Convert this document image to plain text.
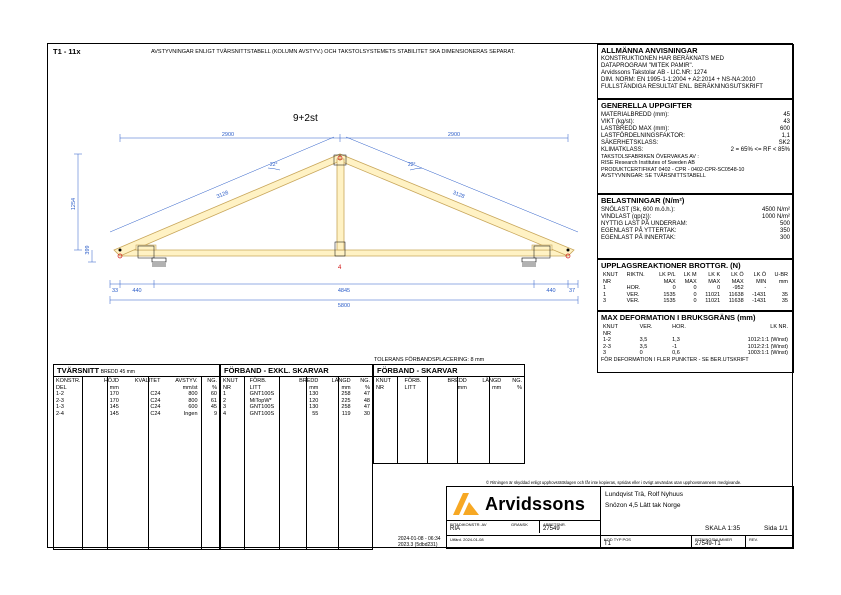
T1 - 11x	AVSTYVNINGAR ENLIGT TVÄRSNITTSTABELL (KOLUMN AVSTYV.) OCH TAKSTOLSYSTEMETS STABILITET SKA DIMENSIONERAS SEPARAT.
2900	2900
3128	3128
1254
399
33	440	4845	440 37
5800
22°	22°
9+2st
4
ALLMÄNNA ANVISNINGAR
KONSTRUKTIONEN HAR BERÄKNATS MED
DATAPROGRAM "MITEK PAMIR".
Arvidssons Takstolar AB - LIC.NR: 1274
DIM. NORM: EN 1995-1-1:2004 + A2:2014 + NS-NA:2010
FULLSTÄNDIGA RESULTAT ENL. BERÄKNINGSUTSKRIFT
GENERELLA UPPGIFTER
MATERIALBREDD (mm):	45
VIKT (kg/st):	43
LASTBREDD MAX (mm):	600
LASTFÖRDELNINGSFAKTOR:	1,1
SÄKERHETSKLASS:	SK2
KLIMATKLASS:	2 = 65% <= RF < 85%
TAKSTOLSFABRIKEN ÖVERVAKAS AV :
RISE Research Institutes of Sweden AB
PRODUKTCERTIFIKAT 0402 - CPR - 0402-CPR-SC0548-10
AVSTYVNINGAR: SE TVÄRSNITTSTABELL
BELASTNINGAR (N/m²)
SNÖLAST (Sk, 600 m.ö.h.):	4500 N/m²
VINDLAST (qp(z)):	1000 N/m²
NYTTIG LAST PÅ UNDERRAM:	500
EGENLAST PÅ YTTERTAK:	350
EGENLAST PÅ INNERTAK:	300
UPPLAGSREAKTIONER BROTTGR. (N)
KNUT	RIKTN.	LK P/L	LK M	LK K	LK Ö	LK Ö	U-BR
NR		MAX	MAX	MAX	MAX	MIN	mm
1	HOR.	0	0	0	-952	-	
1	VER.	1535	0	11021	11638	-1431	35
3	VER.	1535	0	11021	11638	-1431	35
MAX DEFORMATION I BRUKSGRÄNS (mm)
KNUT	VER.	HOR.	LK NR.
NR			
1-2	3,5	1,3	1012:1:1 (Winst)
2-3	3,5	-1	1012:2:1 (Winst)
3	0	0,6	1003:1:1 (Winst)
FÖR DEFORMATION I FLER PUNKTER - SE BER.UTSKRIFT
TOLERANS FÖRBANDSPLACERING: 8 mm
TVÄRSNITT BREDD 45 mm
KONSTR.	HÖJD	KVALITET	AVSTYV.	NG.
DEL	mm		mm/st	%
1-2	170	C24	800	60
2-3	170	C24	800	61
1-3	145	C24	600	45
2-4	145	C24	Ingen	9
FÖRBAND - EXKL. SKARVAR
KNUT	FÖRB.	BREDD	LÄNGD	NG.
NR	LITT	mm	mm	%
1	GNT100S	130	258	47
2	MiTopW*	120	225	48
3	GNT100S	130	258	47
4	GNT100S	55	119	30
FÖRBAND - SKARVAR
KNUT	FÖRB.	BREDD	LÄNGD	NG.
NR	LITT	mm	mm	%
© Ritningen är skyddad enligt upphovsrättslagen och får inte kopieras, spridas eller i övrigt användas utan upphovsmannens medgivande.
Arvidssons	Lundqvist Trä, Rolf Nyhuus
Snözon 4,5 Lätt tak Norge
SKALA 1:35	Sida 1/1
RITADIKONSTR. AV	GRANSK
RIA
ARBETSNR.
27549
Utfärd. 2024-01-08	KOD TYP POS
T1
RITNINGSNUMMER
27549-T1
REV.
2024-01-08 - 06:34
2023.3 (5dbd231)
